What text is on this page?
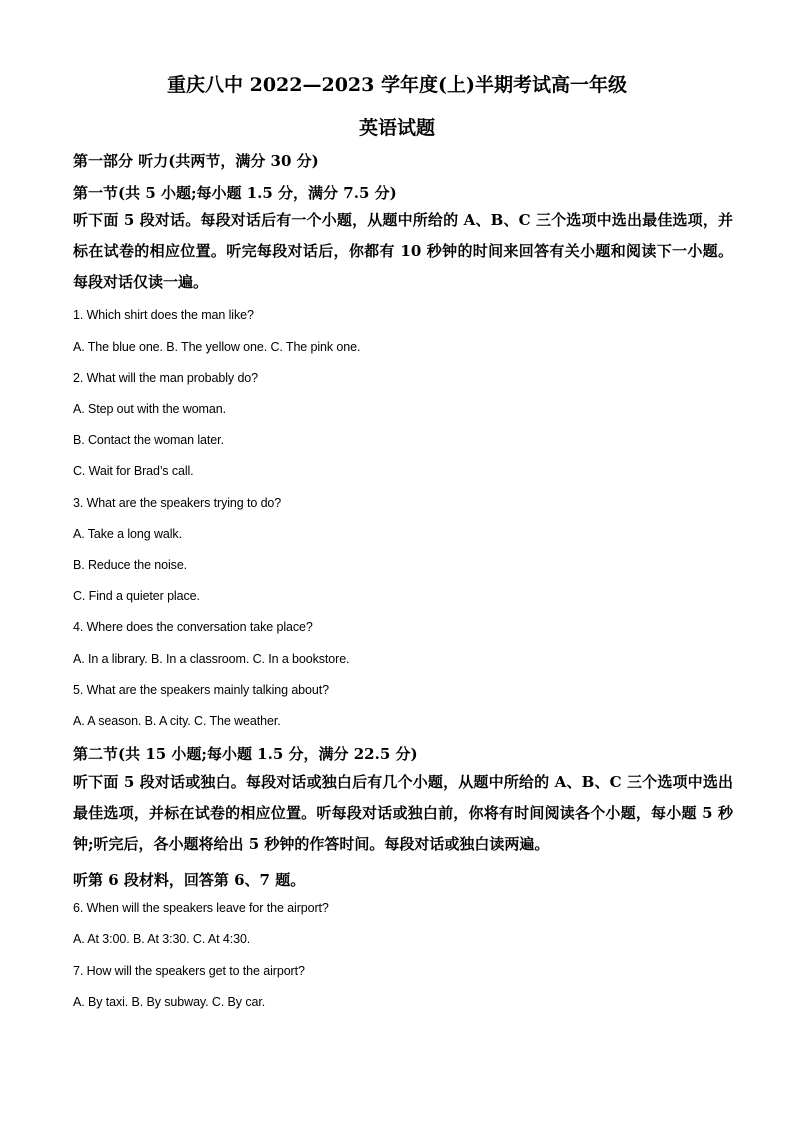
重庆八中 2022—2023 学年度(上)半期考试高一年级
英语试题
第一部分 听力(共两节，满分 30 分)
第一节(共 5 小题;每小题 1.5 分，满分 7.5 分)

听下面 5 段对话。每段对话后有一个小题，从题中所给的 A、B、C 三个选项中选出最佳选项，并标在试卷的相应位置。听完每段对话后，你都有 10 秒钟的时间来回答有关小题和阅读下一小题。每段对话仅读一遍。

1. Which shirt does the man like?
A. The blue one. B. The yellow one. C. The pink one.
2. What will the man probably do?
A. Step out with the woman.
B. Contact the woman later.
C. Wait for Brad’s call.
3. What are the speakers trying to do?
A. Take a long walk.
B. Reduce the noise.
C. Find a quieter place.
4. Where does the conversation take place?
A. In a library. B. In a classroom. C. In a bookstore.
5. What are the speakers mainly talking about?
A. A season. B. A city. C. The weather.
第二节(共 15 小题;每小题 1.5 分，满分 22.5 分)

听下面 5 段对话或独白。每段对话或独白后有几个小题，从题中所给的 A、B、C 三个选项中选出最佳选项，并标在试卷的相应位置。听每段对话或独白前，你将有时间阅读各个小题，每小题 5 秒钟;听完后，各小题将给出 5 秒钟的作答时间。每段对话或独白读两遍。

听第 6 段材料，回答第 6、7 题。
6. When will the speakers leave for the airport?
A. At 3:00. B. At 3:30. C. At 4:30.
7. How will the speakers get to the airport?
A. By taxi. B. By subway. C. By car.
